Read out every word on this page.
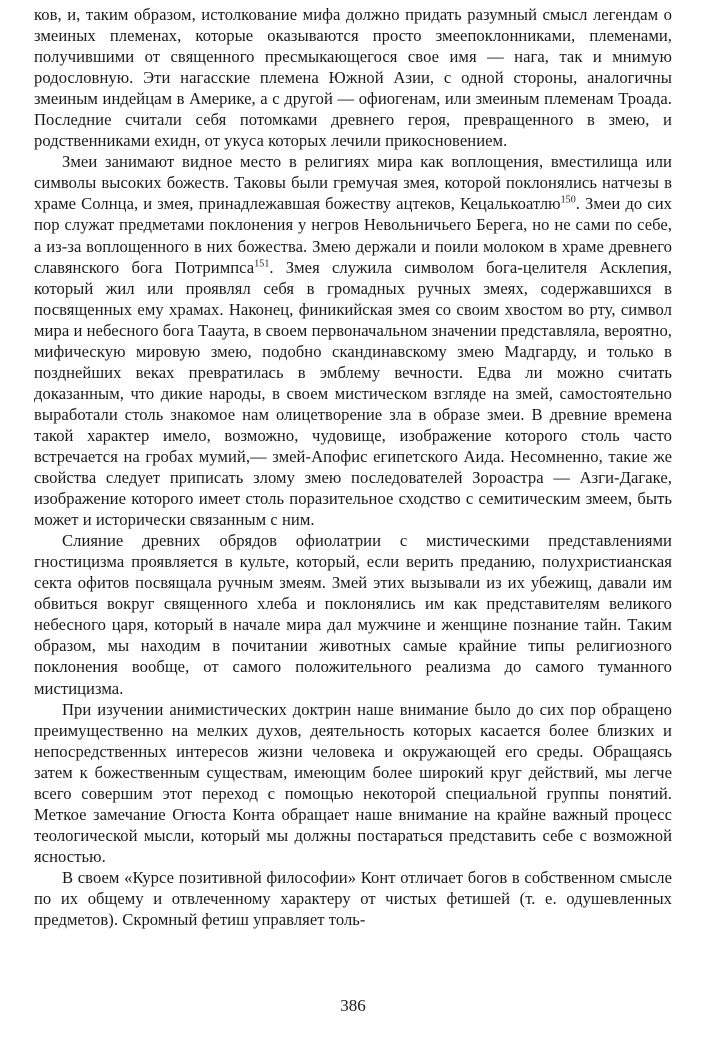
ков, и, таким образом, истолкование мифа должно придать разумный смысл легендам о змеиных племенах, которые оказываются просто змеепоклонниками, племенами, получившими от священного пресмыкающегося свое имя — нага, так и мнимую родословную. Эти нагасские племена Южной Азии, с одной стороны, аналогичны змеиным индейцам в Америке, а с другой — офиогенам, или змеиным племенам Троада. Последние считали себя потомками древнего героя, превращенного в змею, и родственниками ехидн, от укуса которых лечили прикосновением.

Змеи занимают видное место в религиях мира как воплощения, вместилища или символы высоких божеств. Таковы были гремучая змея, которой поклонялись натчезы в храме Солнца, и змея, принадлежавшая божеству ацтеков, Кецалькоатлю$^{150}$. Змеи до сих пор служат предметами поклонения у негров Невольничьего Берега, но не сами по себе, а из-за воплощенного в них божества. Змею держали и поили молоком в храме древнего славянского бога Потримпса$^{151}$. Змея служила символом бога-целителя Асклепия, который жил или проявлял себя в громадных ручных змеях, содержавшихся в посвященных ему храмах. Наконец, финикийская змея со своим хвостом во рту, символ мира и небесного бога Тааута, в своем первоначальном значении представляла, вероятно, мифическую мировую змею, подобно скандинавскому змею Мадгарду, и только в позднейших веках превратилась в эмблему вечности. Едва ли можно считать доказанным, что дикие народы, в своем мистическом взгляде на змей, самостоятельно выработали столь знакомое нам олицетворение зла в образе змеи. В древние времена такой характер имело, возможно, чудовище, изображение которого столь часто встречается на гробах мумий,— змей-Апофис египетского Аида. Несомненно, такие же свойства следует приписать злому змею последователей Зороастра — Азги-Дагаке, изображение которого имеет столь поразительное сходство с семитическим змеем, быть может и исторически связанным с ним.

Слияние древних обрядов офиолатрии с мистическими представлениями гностицизма проявляется в культе, который, если верить преданию, полухристианская секта офитов посвящала ручным змеям. Змей этих вызывали из их убежищ, давали им обвиться вокруг священного хлеба и поклонялись им как представителям великого небесного царя, который в начале мира дал мужчине и женщине познание тайн. Таким образом, мы находим в почитании животных самые крайние типы религиозного поклонения вообще, от самого положительного реализма до самого туманного мистицизма.

При изучении анимистических доктрин наше внимание было до сих пор обращено преимущественно на мелких духов, деятельность которых касается более близких и непосредственных интересов жизни человека и окружающей его среды. Обращаясь затем к божественным существам, имеющим более широкий круг действий, мы легче всего совершим этот переход с помощью некоторой специальной группы понятий. Меткое замечание Огюста Конта обращает наше внимание на крайне важный процесс теологической мысли, который мы должны постараться представить себе с возможной ясностью.

В своем «Курсе позитивной философии» Конт отличает богов в собственном смысле по их общему и отвлеченному характеру от чистых фетишей (т. е. одушевленных предметов). Скромный фетиш управляет толь-

386
